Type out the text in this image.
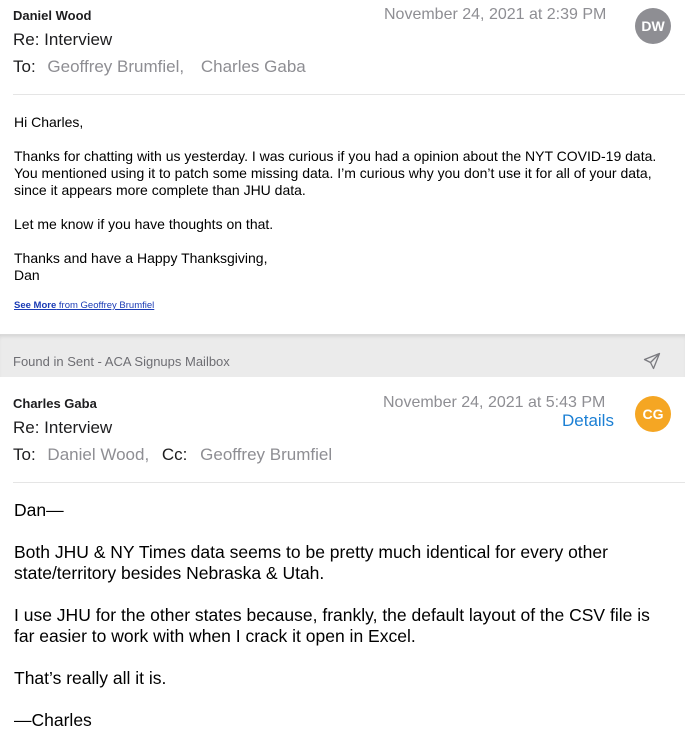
Daniel Wood	November 24, 2021 at 2:39 PM
DW
Re: Interview
To: Geoffrey Brumfiel, Charles Gaba

Hi Charles,

Thanks for chatting with us yesterday. I was curious if you had a opinion about the NYT COVID-19 data. You mentioned using it to patch some missing data. I’m curious why you don’t use it for all of your data, since it appears more complete than JHU data.

Let me know if you have thoughts on that.

Thanks and have a Happy Thanksgiving,

Dan

See More from Geoffrey Brumfiel
Found in Sent - ACA Signups Mailbox
Charles Gaba	November 24, 2021 at 5:43 PM
Details	CG
Re: Interview
To: Daniel Wood, Cc: Geoffrey Brumfiel

Dan—

Both JHU & NY Times data seems to be pretty much identical for every other state/territory besides Nebraska & Utah.

I use JHU for the other states because, frankly, the default layout of the CSV file is far easier to work with when I crack it open in Excel.

That’s really all it is.

—Charles
